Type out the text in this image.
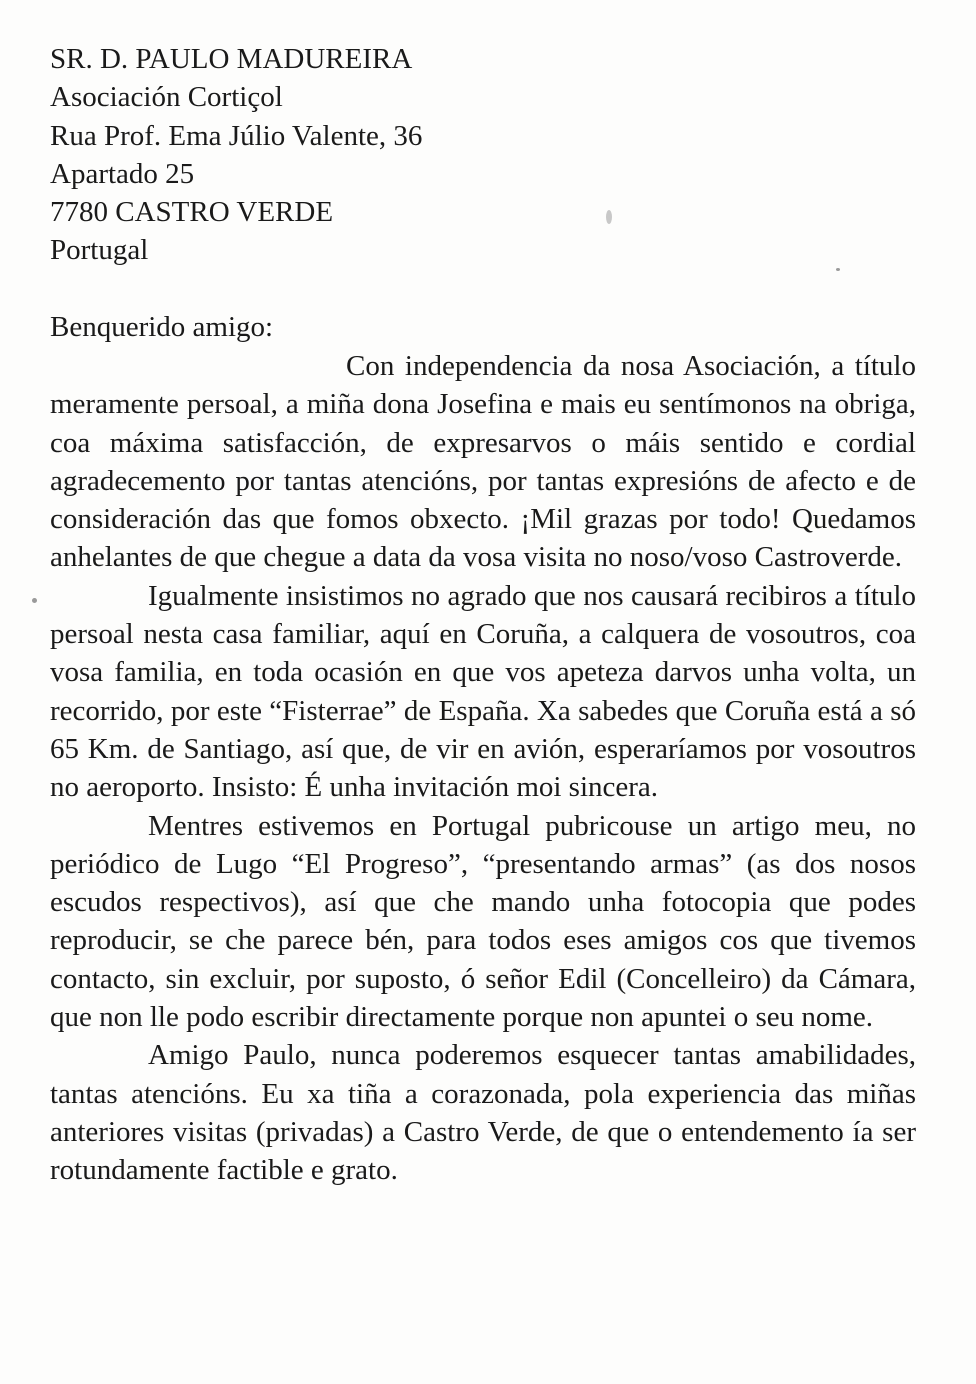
SR. D. PAULO MADUREIRA
Asociación Cortiçol
Rua Prof. Ema Júlio Valente, 36
Apartado 25
7780 CASTRO VERDE
Portugal
Benquerido amigo:

Con independencia da nosa Asociación, a título meramente persoal, a miña dona Josefina e mais eu sentímonos na obriga, coa máxima satisfacción, de expresarvos o máis sentido e cordial agradecemento por tantas atencións, por tantas expresións de afecto e de consideración das que fomos obxecto. ¡Mil grazas por todo! Quedamos anhelantes de que chegue a data da vosa visita no noso/voso Castroverde.

Igualmente insistimos no agrado que nos causará recibiros a título persoal nesta casa familiar, aquí en Coruña, a calquera de vosoutros, coa vosa familia, en toda ocasión en que vos apeteza darvos unha volta, un recorrido, por este “Fisterrae” de España. Xa sabedes que Coruña está a só 65 Km. de Santiago, así que, de vir en avión, esperaríamos por vosoutros no aeroporto. Insisto: É unha invitación moi sincera.

Mentres estivemos en Portugal pubricouse un artigo meu, no periódico de Lugo “El Progreso”, “presentando armas” (as dos nosos escudos respectivos), así que che mando unha fotocopia que podes reproducir, se che parece bén, para todos eses amigos cos que tivemos contacto, sin excluir, por suposto, ó señor Edil (Concelleiro) da Cámara, que non lle podo escribir directamente porque non apuntei o seu nome.

Amigo Paulo, nunca poderemos esquecer tantas amabilidades, tantas atencións. Eu xa tiña a corazonada, pola experiencia das miñas anteriores visitas (privadas) a Castro Verde, de que o entendemento ía ser rotundamente factible e grato.
